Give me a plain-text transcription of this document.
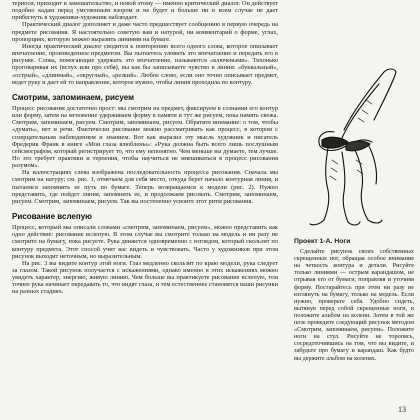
териоси, приходит в замешательство, и новой этому — именно критический диалог. Он действует подобно кадам перед умственным взором и не будет и больше ни в коем случае не дает прибегнуть в художники-художник наблюдает.

Практический диалог дополняет и даже часто предшествует сообщению в первую очередь на предмете рисования. Я настоятельно советую вам и натурой, ни комментарий о форме, углах, пропорциях, которую можно выразить линиями на бумаге.

Иногда практический диалог сводится к повторению всего одного слова, которое описывает впечатление, произведенное предметом. Вы пытаетесь уловить это впечатление и передать его в рисунке. Слова, помогающие удержать это впечатление, называются «ключевыми». Тихонько проговаривая их (вслух или про себя), вы как бы записываете чувство в линии: «буквальный», «острый», «длинный», «округлый», «резкий». Любое слово, если оно точно описывает предмет, ведет руку и дает ей то направление, которое нужно, чтобы линия проходила по контуру.

Смотрим, запоминаем, рисуем

Процесс рисования достаточно прост: мы смотрим на предмет, фиксируем в сознании его контур или форму, затем на мгновение удерживаем форму в памяти и тут же рисуем, пока память свежа. Смотрим, запоминаем, рисуем. Смотрим, запоминаем, рисуем. Обратите внимание: о том, чтобы «думать», нет и речи. Фактически рисование можно рассматривать как процесс, в котором с созерцательным наблюдением и знанием. Вот как выразил эту мысль художник и писатель Фредерик Франк в книге «Мои глаза влюблены»: «Рука должна быть всего лишь послушным сейсмографом, который регистрирует то, что ему непонятно. Чем меньше вы думаете, тем лучше. Но это требует практики и терпения, чтобы научиться не вмешиваться в процесс рисования разумом».

На иллюстрациях слева изображена последовательность процесса рисования. Сначала мы смотрим на натуру; см. рис. 1, отмечаем для себя место, откуда берет начало контурная линия, и пытаемся запомнить ее путь по бумаге. Теперь возвращаемся к модели (рис. 2). Нужно представить, где пойдет линия, запомнить ее, и продолжаем рисовать. Смотрим, запоминаем, рисуем. Смотрим, запоминаем, рисуем. Так вы постепенно усвоите этот ритм рисования.

Рисование вслепую

Процесс, который мы описали словами «смотрим, запоминаем, рисуем», можно представить как одно действие: рисование вслепую. В этом случае вы смотрите только на модель и ни разу не смотрите на бумагу, пока рисуете. Рука движется одновременно с взглядом, который скользит по контуру предмета. Этот способ учит вас видеть и чувствовать. Часто у художников при этом рисунок выходит неточным, но выразительным.

На рис. 3 вы видите контур этой ноги. Глаз медленно скользит по краю модели, рука следует за глазом. Такой рисунок получается с искажениями, однако именно в этих искажениях можно увидеть характер, энергию, живую линию. Чем больше вы практикуете рисование вслепую, тем точнее рука начинает передавать то, что видят глаза, и тем естественнее становятся ваши рисунки на разных стадиях.

Проект 1-А. Ноги

Сделайте рисунок своих собственных скрещенных ног, обращая особое внимание на четкость контура и детали. Рисуйте только линиями — острым карандашом, не отрывая его от бумаги, поправляя и уточняя форму. Постарайтесь при этом ни разу не взглянуть на бумагу, только на модель. Если нужно, проверьте себя. Удобно сидеть, вытянув перед собой скрещенные ноги, и положите альбом на колени. Затем в той же позе проведите следующий рисунок методом «Смотрим, запоминаем, рисуем». Положите ноги на стул. Рисуйте не торопясь, сосредоточившись на том, что вы видите, и забудьте про бумагу и карандаш. Как будто вы держите альбом на коленях.

13
